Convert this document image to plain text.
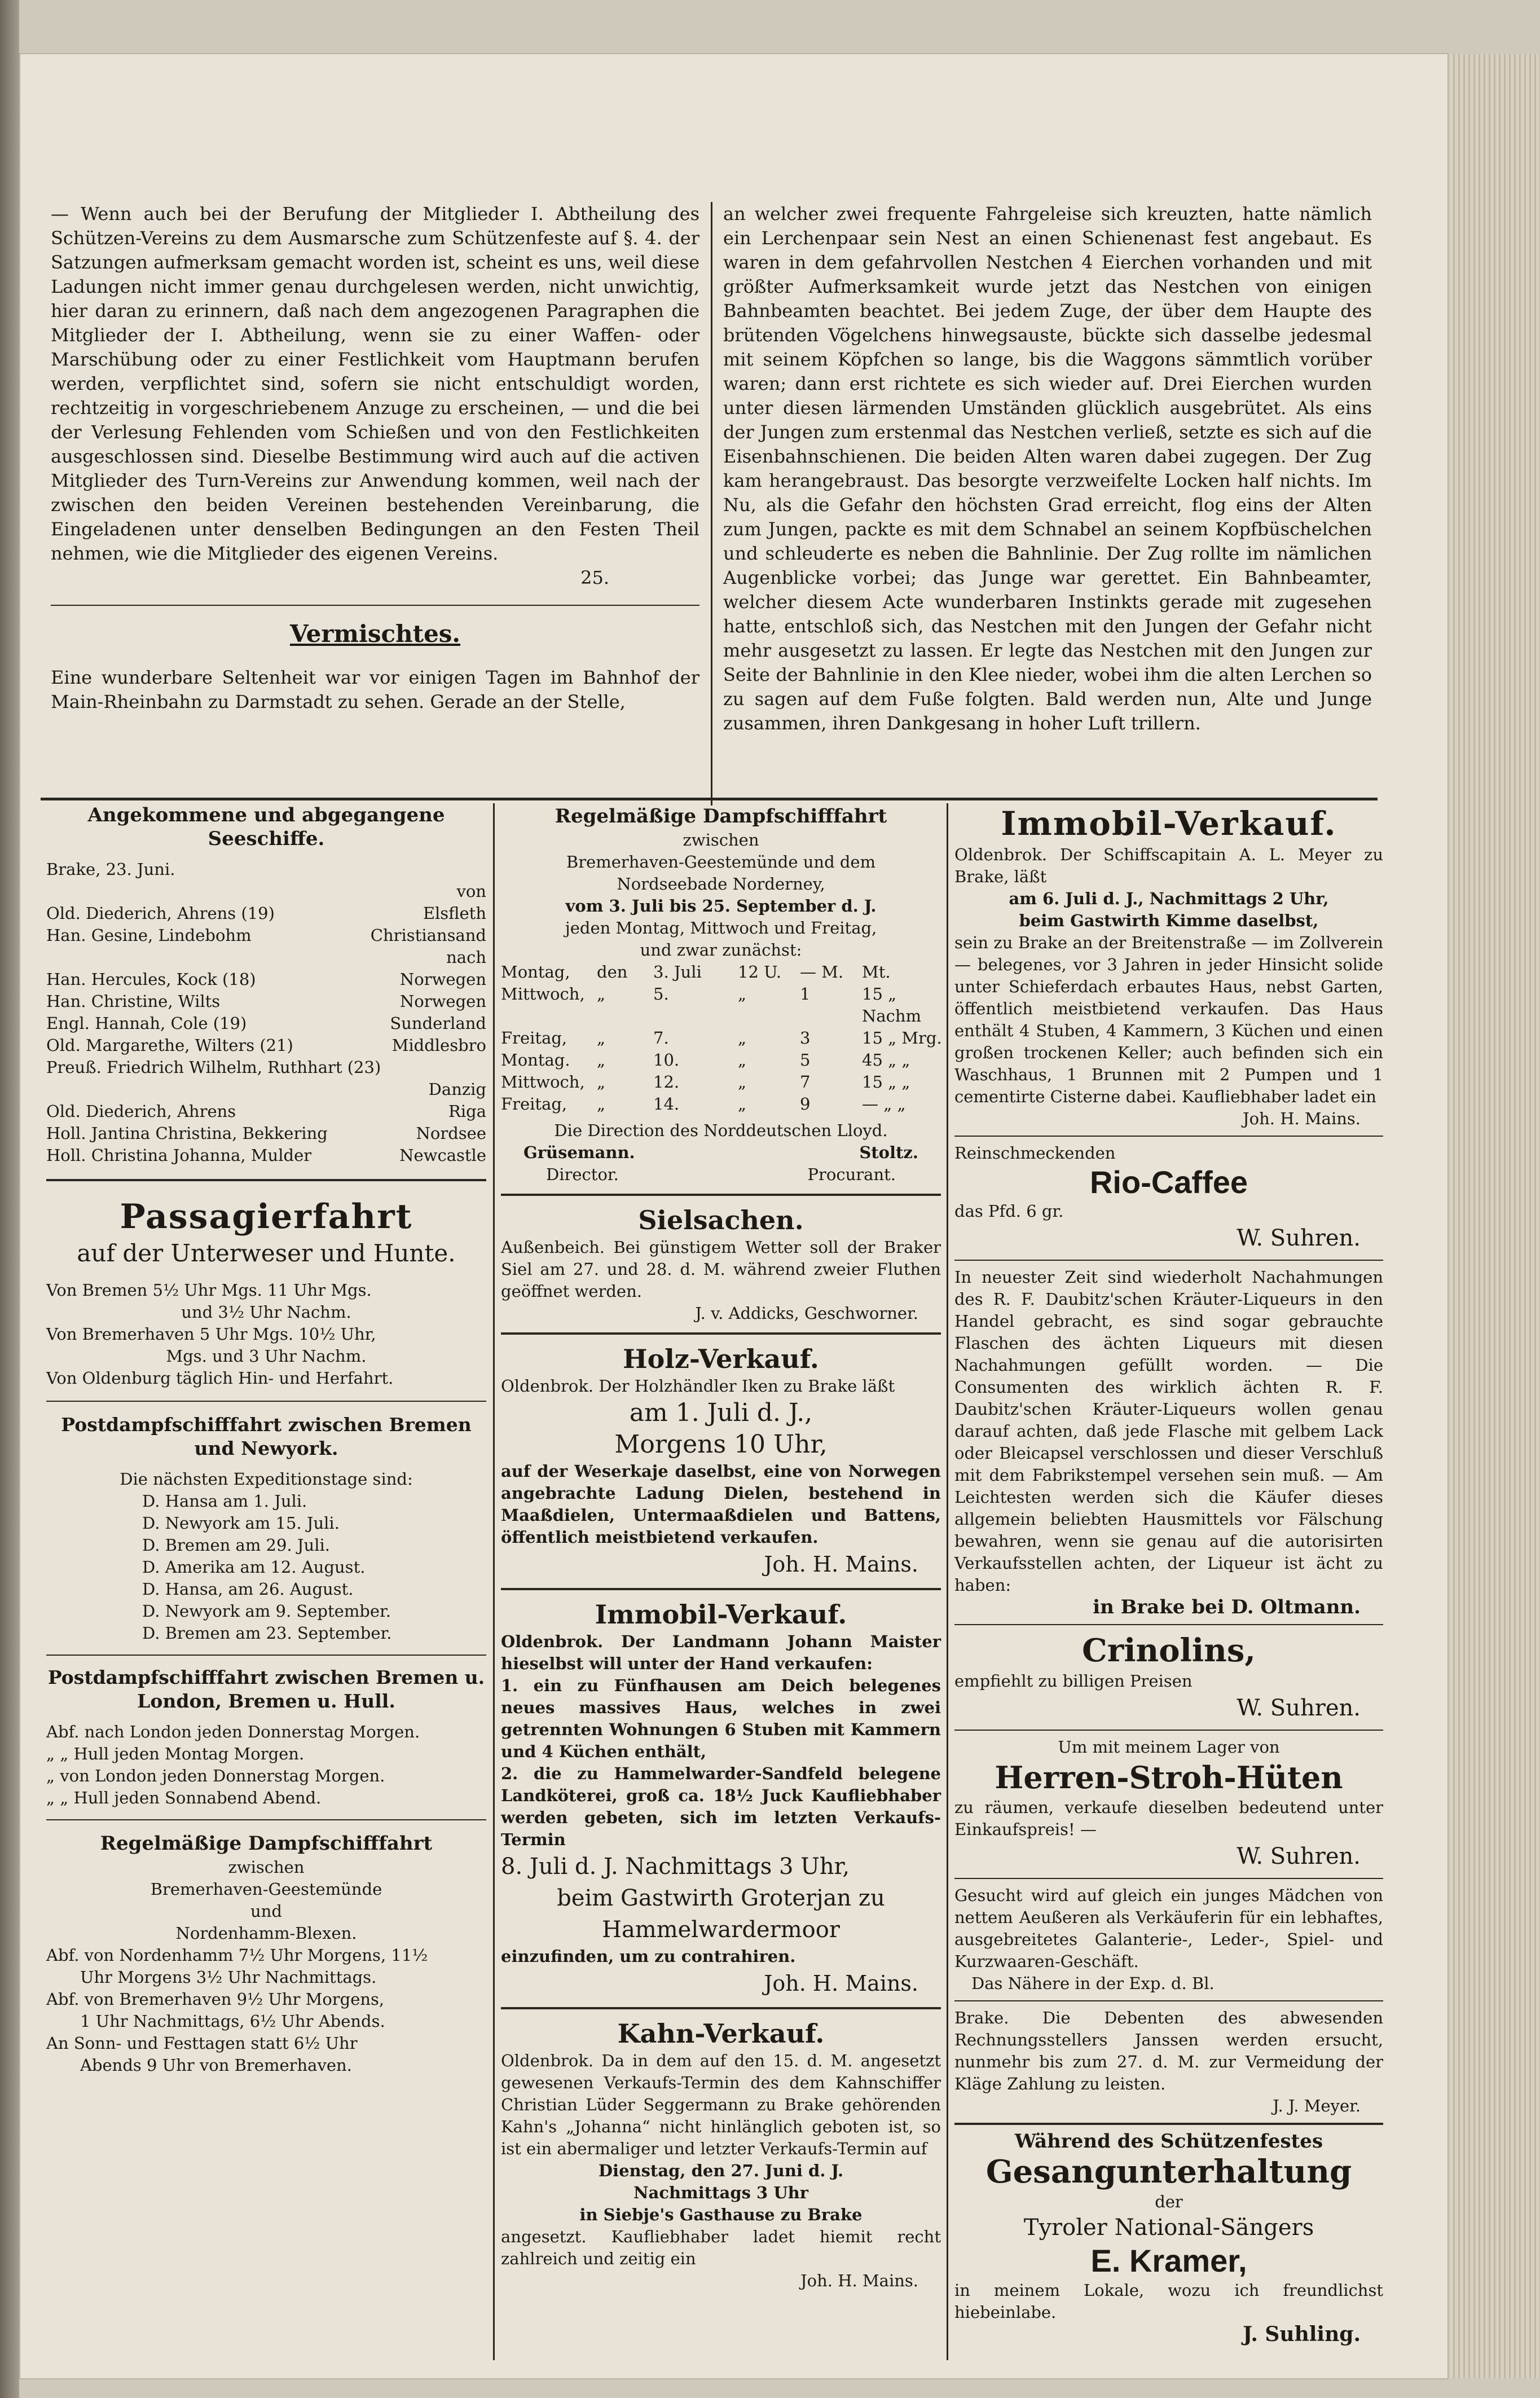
— Wenn auch bei der Berufung der Mitglieder I. Abtheilung des Schützen-Vereins zu dem Ausmarsche zum Schützenfeste auf §. 4. der Satzungen aufmerksam gemacht worden ist, scheint es uns, weil diese Ladungen nicht immer genau durchgelesen werden, nicht unwichtig, hier daran zu erinnern, daß nach dem angezogenen Paragraphen die Mitglieder der I. Abtheilung, wenn sie zu einer Waffen- oder Marschübung oder zu einer Festlichkeit vom Hauptmann berufen werden, verpflichtet sind, sofern sie nicht entschuldigt worden, rechtzeitig in vorgeschriebenem Anzuge zu erscheinen, — und die bei der Verlesung Fehlenden vom Schießen und von den Festlichkeiten ausgeschlossen sind. Dieselbe Bestimmung wird auch auf die activen Mitglieder des Turn-Vereins zur Anwendung kommen, weil nach der zwischen den beiden Vereinen bestehenden Vereinbarung, die Eingeladenen unter denselben Bedingungen an den Festen Theil nehmen, wie die Mitglieder des eigenen Vereins.

25.
Vermischtes.

Eine wunderbare Seltenheit war vor einigen Tagen im Bahnhof der Main-Rheinbahn zu Darmstadt zu sehen. Gerade an der Stelle,

an welcher zwei frequente Fahrgeleise sich kreuzten, hatte nämlich ein Lerchenpaar sein Nest an einen Schienenast fest angebaut. Es waren in dem gefahrvollen Nestchen 4 Eierchen vorhanden und mit größter Aufmerksamkeit wurde jetzt das Nestchen von einigen Bahnbeamten beachtet. Bei jedem Zuge, der über dem Haupte des brütenden Vögelchens hinwegsauste, bückte sich dasselbe jedesmal mit seinem Köpfchen so lange, bis die Waggons sämmtlich vorüber waren; dann erst richtete es sich wieder auf. Drei Eierchen wurden unter diesen lärmenden Umständen glücklich ausgebrütet. Als eins der Jungen zum erstenmal das Nestchen verließ, setzte es sich auf die Eisenbahnschienen. Die beiden Alten waren dabei zugegen. Der Zug kam herangebraust. Das besorgte verzweifelte Locken half nichts. Im Nu, als die Gefahr den höchsten Grad erreicht, flog eins der Alten zum Jungen, packte es mit dem Schnabel an seinem Kopfbüschelchen und schleuderte es neben die Bahnlinie. Der Zug rollte im nämlichen Augenblicke vorbei; das Junge war gerettet. Ein Bahnbeamter, welcher diesem Acte wunderbaren Instinkts gerade mit zugesehen hatte, entschloß sich, das Nestchen mit den Jungen der Gefahr nicht mehr ausgesetzt zu lassen. Er legte das Nestchen mit den Jungen zur Seite der Bahnlinie in den Klee nieder, wobei ihm die alten Lerchen so zu sagen auf dem Fuße folgten. Bald werden nun, Alte und Junge zusammen, ihren Dankgesang in hoher Luft trillern.

Angekommene und abgegangene Seeschiffe.
Brake, 23. Juni.
von
Old. Diederich, Ahrens (19)	Elsfleth
Han. Gesine, Lindebohm	Christiansand
nach
Han. Hercules, Kock (18)	Norwegen
Han. Christine, Wilts	Norwegen
Engl. Hannah, Cole (19)	Sunderland
Old. Margarethe, Wilters (21)	Middlesbro
Preuß. Friedrich Wilhelm, Ruthhart (23)
Danzig
Old. Diederich, Ahrens	Riga
Holl. Jantina Christina, Bekkering	Nordsee
Holl. Christina Johanna, Mulder	Newcastle
Passagierfahrt
auf der Unterweser und Hunte.
Von Bremen 5½ Uhr Mgs. 11 Uhr Mgs.
und 3½ Uhr Nachm.
Von Bremerhaven 5 Uhr Mgs. 10½ Uhr,
Mgs. und 3 Uhr Nachm.
Von Oldenburg täglich Hin- und Herfahrt.
Postdampfschifffahrt zwischen Bremen und Newyork.
Die nächsten Expeditionstage sind:
D. Hansa am 1. Juli.
D. Newyork am 15. Juli.
D. Bremen am 29. Juli.
D. Amerika am 12. August.
D. Hansa, am 26. August.
D. Newyork am 9. September.
D. Bremen am 23. September.
Postdampfschifffahrt zwischen Bremen u. London, Bremen u. Hull.
Abf. nach London jeden Donnerstag Morgen.
„ „ Hull jeden Montag Morgen.
„ von London jeden Donnerstag Morgen.
„ „ Hull jeden Sonnabend Abend.
Regelmäßige Dampfschifffahrt
zwischen
Bremerhaven-Geestemünde
und
Nordenhamm-Blexen.
Abf. von Nordenhamm 7½ Uhr Morgens, 11½
Uhr Morgens 3½ Uhr Nachmittags.
Abf. von Bremerhaven 9½ Uhr Morgens,
1 Uhr Nachmittags, 6½ Uhr Abends.
An Sonn- und Festtagen statt 6½ Uhr
Abends 9 Uhr von Bremerhaven.
Regelmäßige Dampfschifffahrt
zwischen
Bremerhaven-Geestemünde und dem
Nordseebade Norderney,
vom 3. Juli bis 25. September d. J.
jeden Montag, Mittwoch und Freitag,
und zwar zunächst:
Montag,	den	3. Juli	12 U.	— M.	Mt.
Mittwoch, „	5.	„	1	15 „ Nachm
Freitag,	„	7.	„	3	15 „ Mrg.
Montag.	„	10.	„	5	45 „ „
Mittwoch, „	12.	„	7	15 „ „
Freitag,	„	14.	„	9	— „ „
Die Direction des Norddeutschen Lloyd.
Grüsemann.	Stoltz.
Director.	Procurant.
Sielsachen.

Außenbeich. Bei günstigem Wetter soll der Braker Siel am 27. und 28. d. M. während zweier Fluthen geöffnet werden.

J. v. Addicks, Geschworner.
Holz-Verkauf.

Oldenbrok. Der Holzhändler Iken zu Brake läßt

am 1. Juli d. J.,
Morgens 10 Uhr,

auf der Weserkaje daselbst, eine von Norwegen angebrachte Ladung Dielen, bestehend in Maaßdielen, Untermaaßdielen und Battens, öffentlich meistbietend verkaufen.

Joh. H. Mains.
Immobil-Verkauf.

Oldenbrok. Der Landmann Johann Maister hieselbst will unter der Hand verkaufen:

1. ein zu Fünfhausen am Deich belegenes neues massives Haus, welches in zwei getrennten Wohnungen 6 Stuben mit Kammern und 4 Küchen enthält,

2. die zu Hammelwarder-Sandfeld belegene Landköterei, groß ca. 18½ Juck Kaufliebhaber werden gebeten, sich im letzten Verkaufs-Termin

8. Juli d. J. Nachmittags 3 Uhr,
beim Gastwirth Groterjan zu
Hammelwardermoor
einzufinden, um zu contrahiren.
Joh. H. Mains.
Kahn-Verkauf.

Oldenbrok. Da in dem auf den 15. d. M. angesetzt gewesenen Verkaufs-Termin des dem Kahnschiffer Christian Lüder Seggermann zu Brake gehörenden Kahn's „Johanna“ nicht hinlänglich geboten ist, so ist ein abermaliger und letzter Verkaufs-Termin auf

Dienstag, den 27. Juni d. J.
Nachmittags 3 Uhr
in Siebje's Gasthause zu Brake

angesetzt. Kaufliebhaber ladet hiemit recht zahlreich und zeitig ein

Joh. H. Mains.
Immobil-Verkauf.

Oldenbrok. Der Schiffscapitain A. L. Meyer zu Brake, läßt

am 6. Juli d. J., Nachmittags 2 Uhr,
beim Gastwirth Kimme daselbst,

sein zu Brake an der Breitenstraße — im Zollverein — belegenes, vor 3 Jahren in jeder Hinsicht solide unter Schieferdach erbautes Haus, nebst Garten, öffentlich meistbietend verkaufen. Das Haus enthält 4 Stuben, 4 Kammern, 3 Küchen und einen großen trockenen Keller; auch befinden sich ein Waschhaus, 1 Brunnen mit 2 Pumpen und 1 cementirte Cisterne dabei. Kaufliebhaber ladet ein

Joh. H. Mains.
Reinschmeckenden
Rio-Caffee
das Pfd. 6 gr.
W. Suhren.

In neuester Zeit sind wiederholt Nachahmungen des R. F. Daubitz'schen Kräuter-Liqueurs in den Handel gebracht, es sind sogar gebrauchte Flaschen des ächten Liqueurs mit diesen Nachahmungen gefüllt worden. — Die Consumenten des wirklich ächten R. F. Daubitz'schen Kräuter-Liqueurs wollen genau darauf achten, daß jede Flasche mit gelbem Lack oder Bleicapsel verschlossen und dieser Verschluß mit dem Fabrikstempel versehen sein muß. — Am Leichtesten werden sich die Käufer dieses allgemein beliebten Hausmittels vor Fälschung bewahren, wenn sie genau auf die autorisirten Verkaufsstellen achten, der Liqueur ist ächt zu haben:

in Brake bei D. Oltmann.
Crinolins,
empfiehlt zu billigen Preisen
W. Suhren.
Um mit meinem Lager von
Herren-Stroh-Hüten

zu räumen, verkaufe dieselben bedeutend unter Einkaufspreis! —

W. Suhren.

Gesucht wird auf gleich ein junges Mädchen von nettem Aeußeren als Verkäuferin für ein lebhaftes, ausgebreitetes Galanterie-, Leder-, Spiel- und Kurzwaaren-Geschäft.

Das Nähere in der Exp. d. Bl.

Brake. Die Debenten des abwesenden Rechnungsstellers Janssen werden ersucht, nunmehr bis zum 27. d. M. zur Vermeidung der Kläge Zahlung zu leisten.

J. J. Meyer.
Während des Schützenfestes
Gesangunterhaltung
der
Tyroler National-Sängers
E. Kramer,

in meinem Lokale, wozu ich freundlichst hiebeinlabe.

J. Suhling.
